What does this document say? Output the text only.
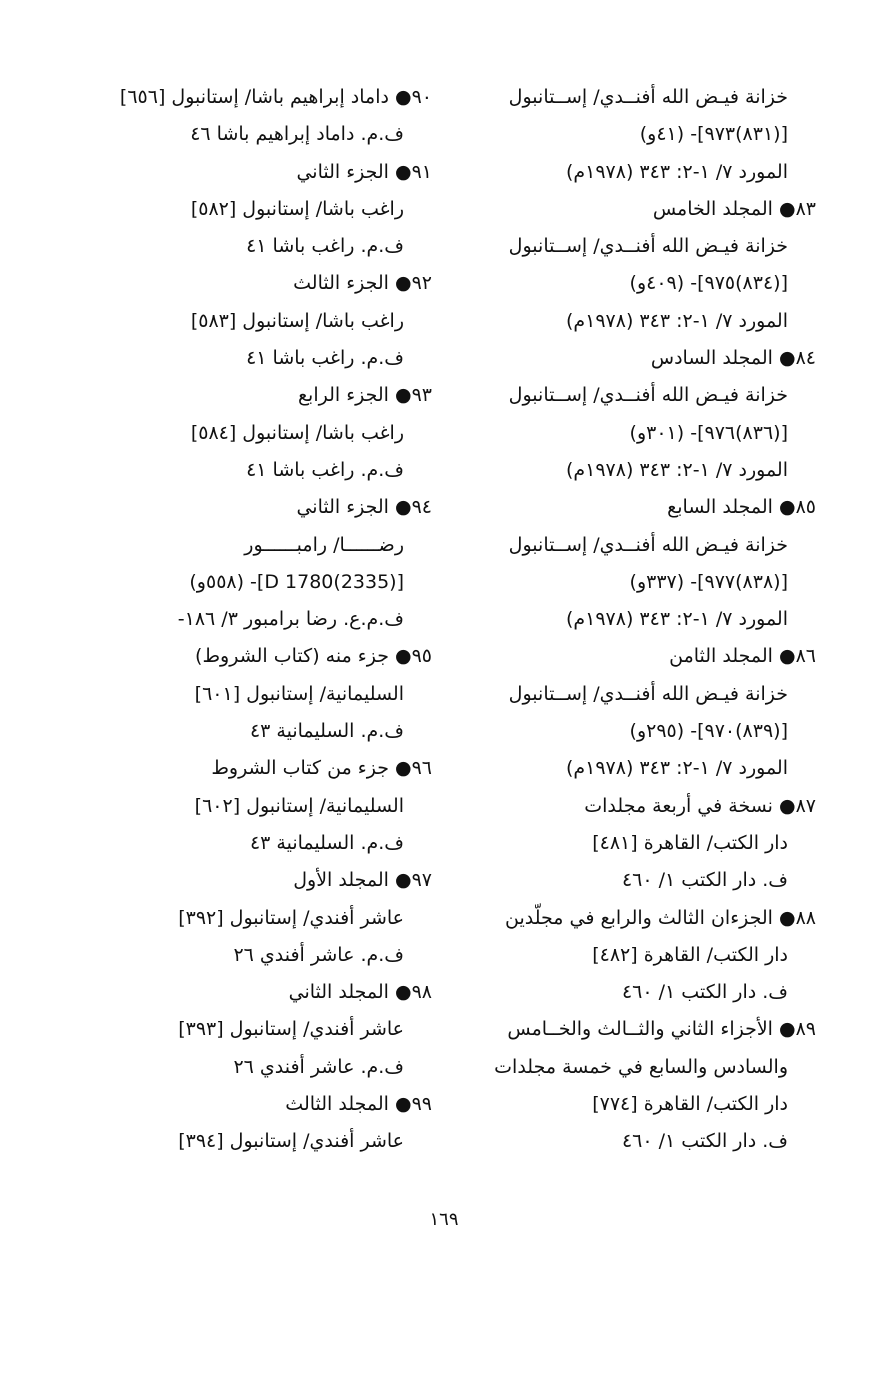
خزانة فيـض الله أفنــدي/ إســتانبول
[(٨٣١)٩٧٣]- (٤١و)
المورد ٧/ ١-٢: ٣٤٣ (١٩٧٨م)
٨٣● المجلد الخامس
خزانة فيـض الله أفنــدي/ إســتانبول
[(٨٣٤)٩٧٥]- (٤٠٩و)
المورد ٧/ ١-٢: ٣٤٣ (١٩٧٨م)
٨٤● المجلد السادس
خزانة فيـض الله أفنــدي/ إســتانبول
[(٨٣٦)٩٧٦]- (٣٠١و)
المورد ٧/ ١-٢: ٣٤٣ (١٩٧٨م)
٨٥● المجلد السابع
خزانة فيـض الله أفنــدي/ إســتانبول
[(٨٣٨)٩٧٧]- (٣٣٧و)
المورد ٧/ ١-٢: ٣٤٣ (١٩٧٨م)
٨٦● المجلد الثامن
خزانة فيـض الله أفنــدي/ إســتانبول
[(٨٣٩)٩٧٠]- (٢٩٥و)
المورد ٧/ ١-٢: ٣٤٣ (١٩٧٨م)
٨٧● نسخة في أربعة مجلدات
دار الكتب/ القاهرة [٤٨١]
ف. دار الكتب ١/ ٤٦٠
٨٨● الجزءان الثالث والرابع في مجلّدين
دار الكتب/ القاهرة [٤٨٢]
ف. دار الكتب ١/ ٤٦٠
٨٩● الأجزاء الثاني والثــالث والخــامس
والسادس والسابع في خمسة مجلدات
دار الكتب/ القاهرة [٧٧٤]
ف. دار الكتب ١/ ٤٦٠
٩٠● داماد إبراهيم باشا/ إستانبول [٦٥٦]
ف.م. داماد إبراهيم باشا ٤٦
٩١● الجزء الثاني
راغب باشا/ إستانبول [٥٨٢]
ف.م. راغب باشا ٤١
٩٢● الجزء الثالث
راغب باشا/ إستانبول [٥٨٣]
ف.م. راغب باشا ٤١
٩٣● الجزء الرابع
راغب باشا/ إستانبول [٥٨٤]
ف.م. راغب باشا ٤١
٩٤● الجزء الثاني
رضــــــا/ رامبــــــور
[(2335)1780 D]- (٥٥٨و)
ف.م.ع. رضا برامبور ٣/ ١٨٦-
٩٥● جزء منه (كتاب الشروط)
السليمانية/ إستانبول [٦٠١]
ف.م. السليمانية ٤٣
٩٦● جزء من كتاب الشروط
السليمانية/ إستانبول [٦٠٢]
ف.م. السليمانية ٤٣
٩٧● المجلد الأول
عاشر أفندي/ إستانبول [٣٩٢]
ف.م. عاشر أفندي ٢٦
٩٨● المجلد الثاني
عاشر أفندي/ إستانبول [٣٩٣]
ف.م. عاشر أفندي ٢٦
٩٩● المجلد الثالث
عاشر أفندي/ إستانبول [٣٩٤]
١٦٩
